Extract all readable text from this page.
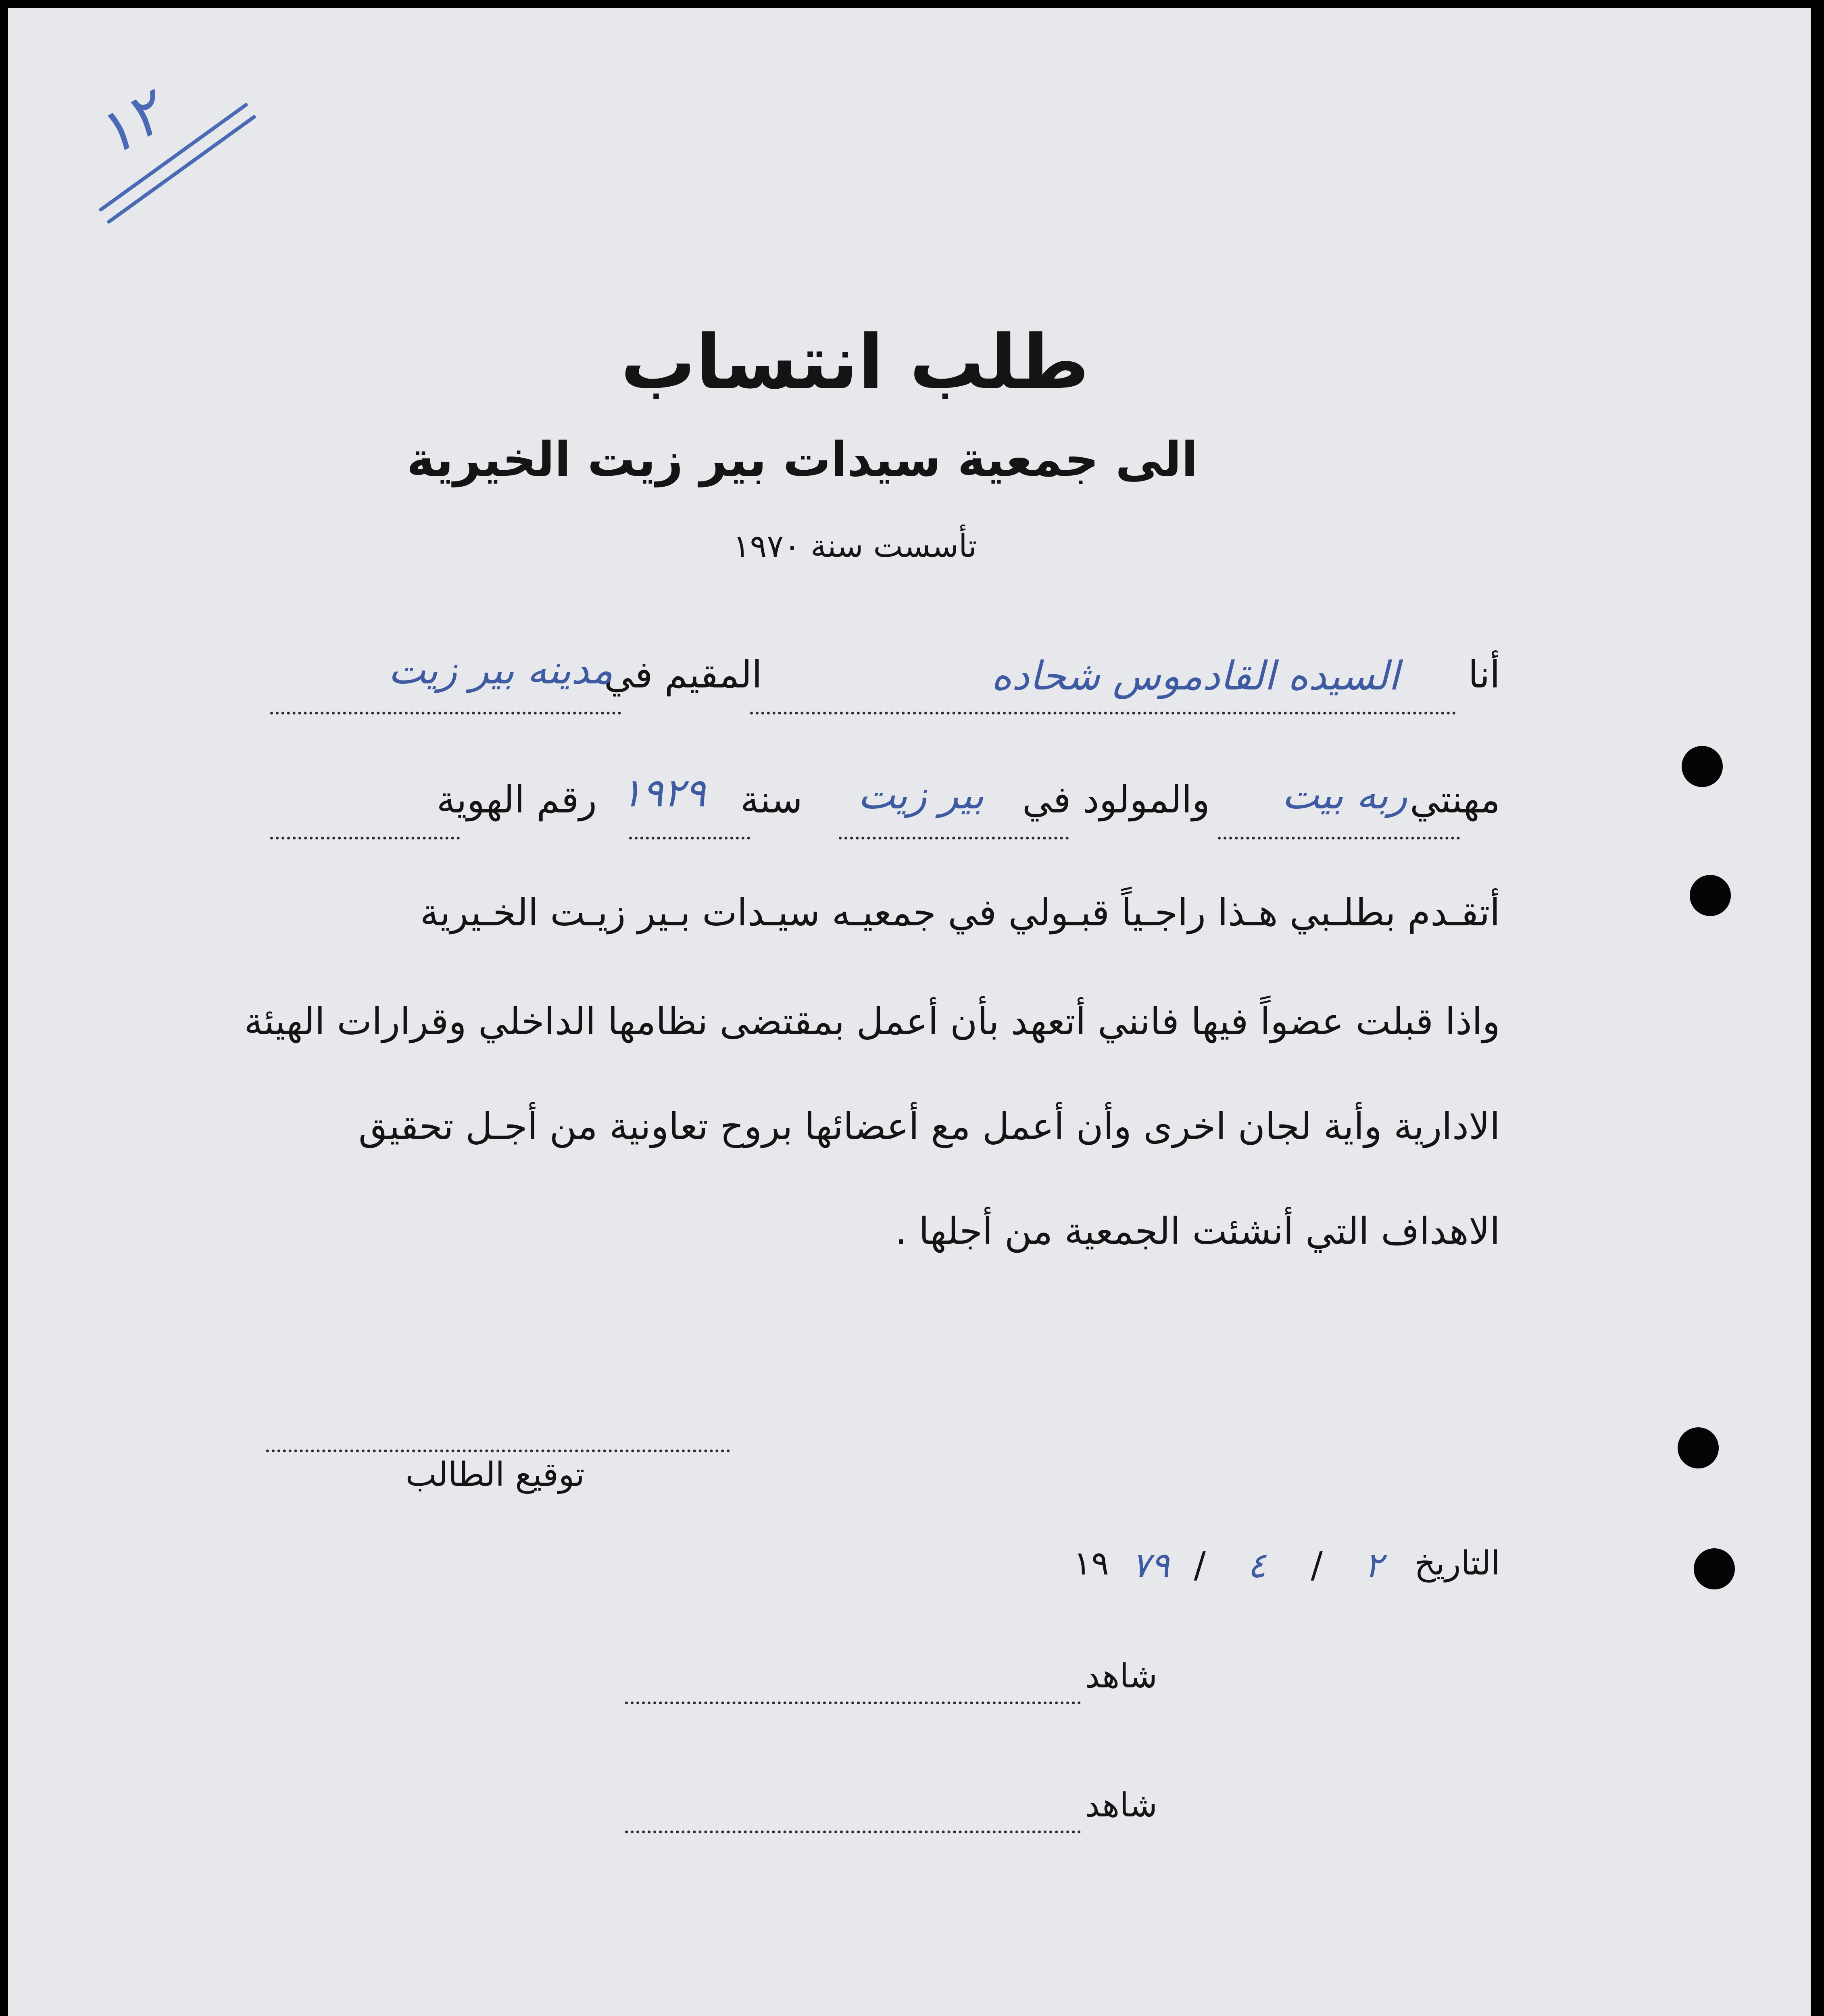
١٢
طلب انتساب
الى جمعية سيدات بير زيت الخيرية
تأسست سنة ١٩٧٠
أنا
السيده القادموس شحاده
المقيم في
مدينه بير زيت
مهنتي
ربه بيت
والمولود في
بير زيت
سنة
١٩٢٩
رقم الهوية
أتقـدم بطلـبي هـذا راجـياً قبـولي في جمعيـه سيـدات بـير زيـت الخـيرية
واذا قبلت عضواً فيها فانني أتعهد بأن أعمل بمقتضى نظامها الداخلي وقرارات الهيئة
الادارية وأية لجان اخرى وأن أعمل مع أعضائها بروح تعاونية من أجـل تحقيق
الاهداف التي أنشئت الجمعية من أجلها .
توقيع الطالب
التاريخ
٢
/
٤
/
٧٩
١٩
شاهد
شاهد
